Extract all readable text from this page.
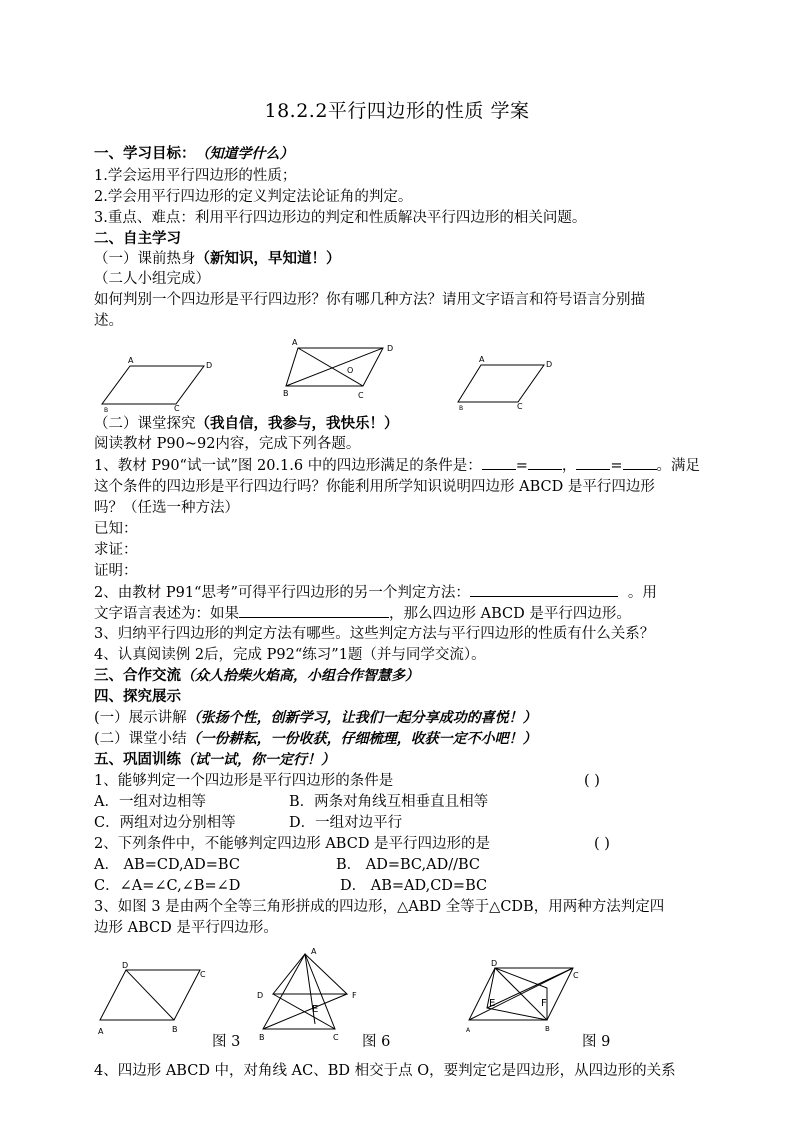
18.2.2平行四边形的性质 学案
一、学习目标：（知道学什么）
1.学会运用平行四边形的性质；
2.学会用平行四边形的定义判定法论证角的判定。
3.重点、难点：利用平行四边形边的判定和性质解决平行四边形的相关问题。
二、自主学习
（一）课前热身（新知识，早知道！）
（二人小组完成）
如何判别一个四边形是平行四边形？你有哪几种方法？请用文字语言和符号语言分别描
述。
A
D
B	C
A
D
B	C
O
A
D
B	C
（二）课堂探究（我自信，我参与，我快乐！）
阅读教材 P90~92内容，完成下列各题。
1、教材 P90“试一试”图 20.1.6 中的四边形满足的条件是： = ， = 。满足
这个条件的四边形是平行四边行吗？你能利用所学知识说明四边形 ABCD 是平行四边形
吗？（任选一种方法）
已知：
求证：
证明：
2、由教材 P91“思考”可得平行四边形的另一个判定方法：	。用
文字语言表述为：如果	，那么四边形 ABCD 是平行四边形。
3、归纳平行四边形的判定方法有哪些。这些判定方法与平行四边形的性质有什么关系？
4、认真阅读例 2后，完成 P92“练习”1题（并与同学交流）。
三、合作交流（众人拾柴火焰高，小组合作智慧多）
四、探究展示
(一）展示讲解（张扬个性，创新学习，让我们一起分享成功的喜悦！）
(二）课堂小结（一份耕耘，一份收获，仔细梳理，收获一定不小吧！）
五、巩固训练（试一试，你一定行！）
1、能够判定一个四边形是平行四边形的条件是	( )
A．一组对边相等	B．两条对角线互相垂直且相等
C．两组对边分别相等	D．一组对边平行
2、下列条件中，不能够判定四边形 ABCD 是平行四边形的是	( )
A． AB=CD,AD=BC	B． AD=BC,AD//BC
C．∠A=∠C,∠B=∠D	D． AB=AD,CD=BC
3、如图 3 是由两个全等三角形拼成的四边形，△ABD 全等于△CDB，用两种方法判定四
边形 ABCD 是平行四边形。
D
C
A	B
图 3
A
D	F
E
B	C 图 6
D
C
E	F
A	B
图 9
4、四边形 ABCD 中，对角线 AC、BD 相交于点 O，要判定它是四边形，从四边形的关系
